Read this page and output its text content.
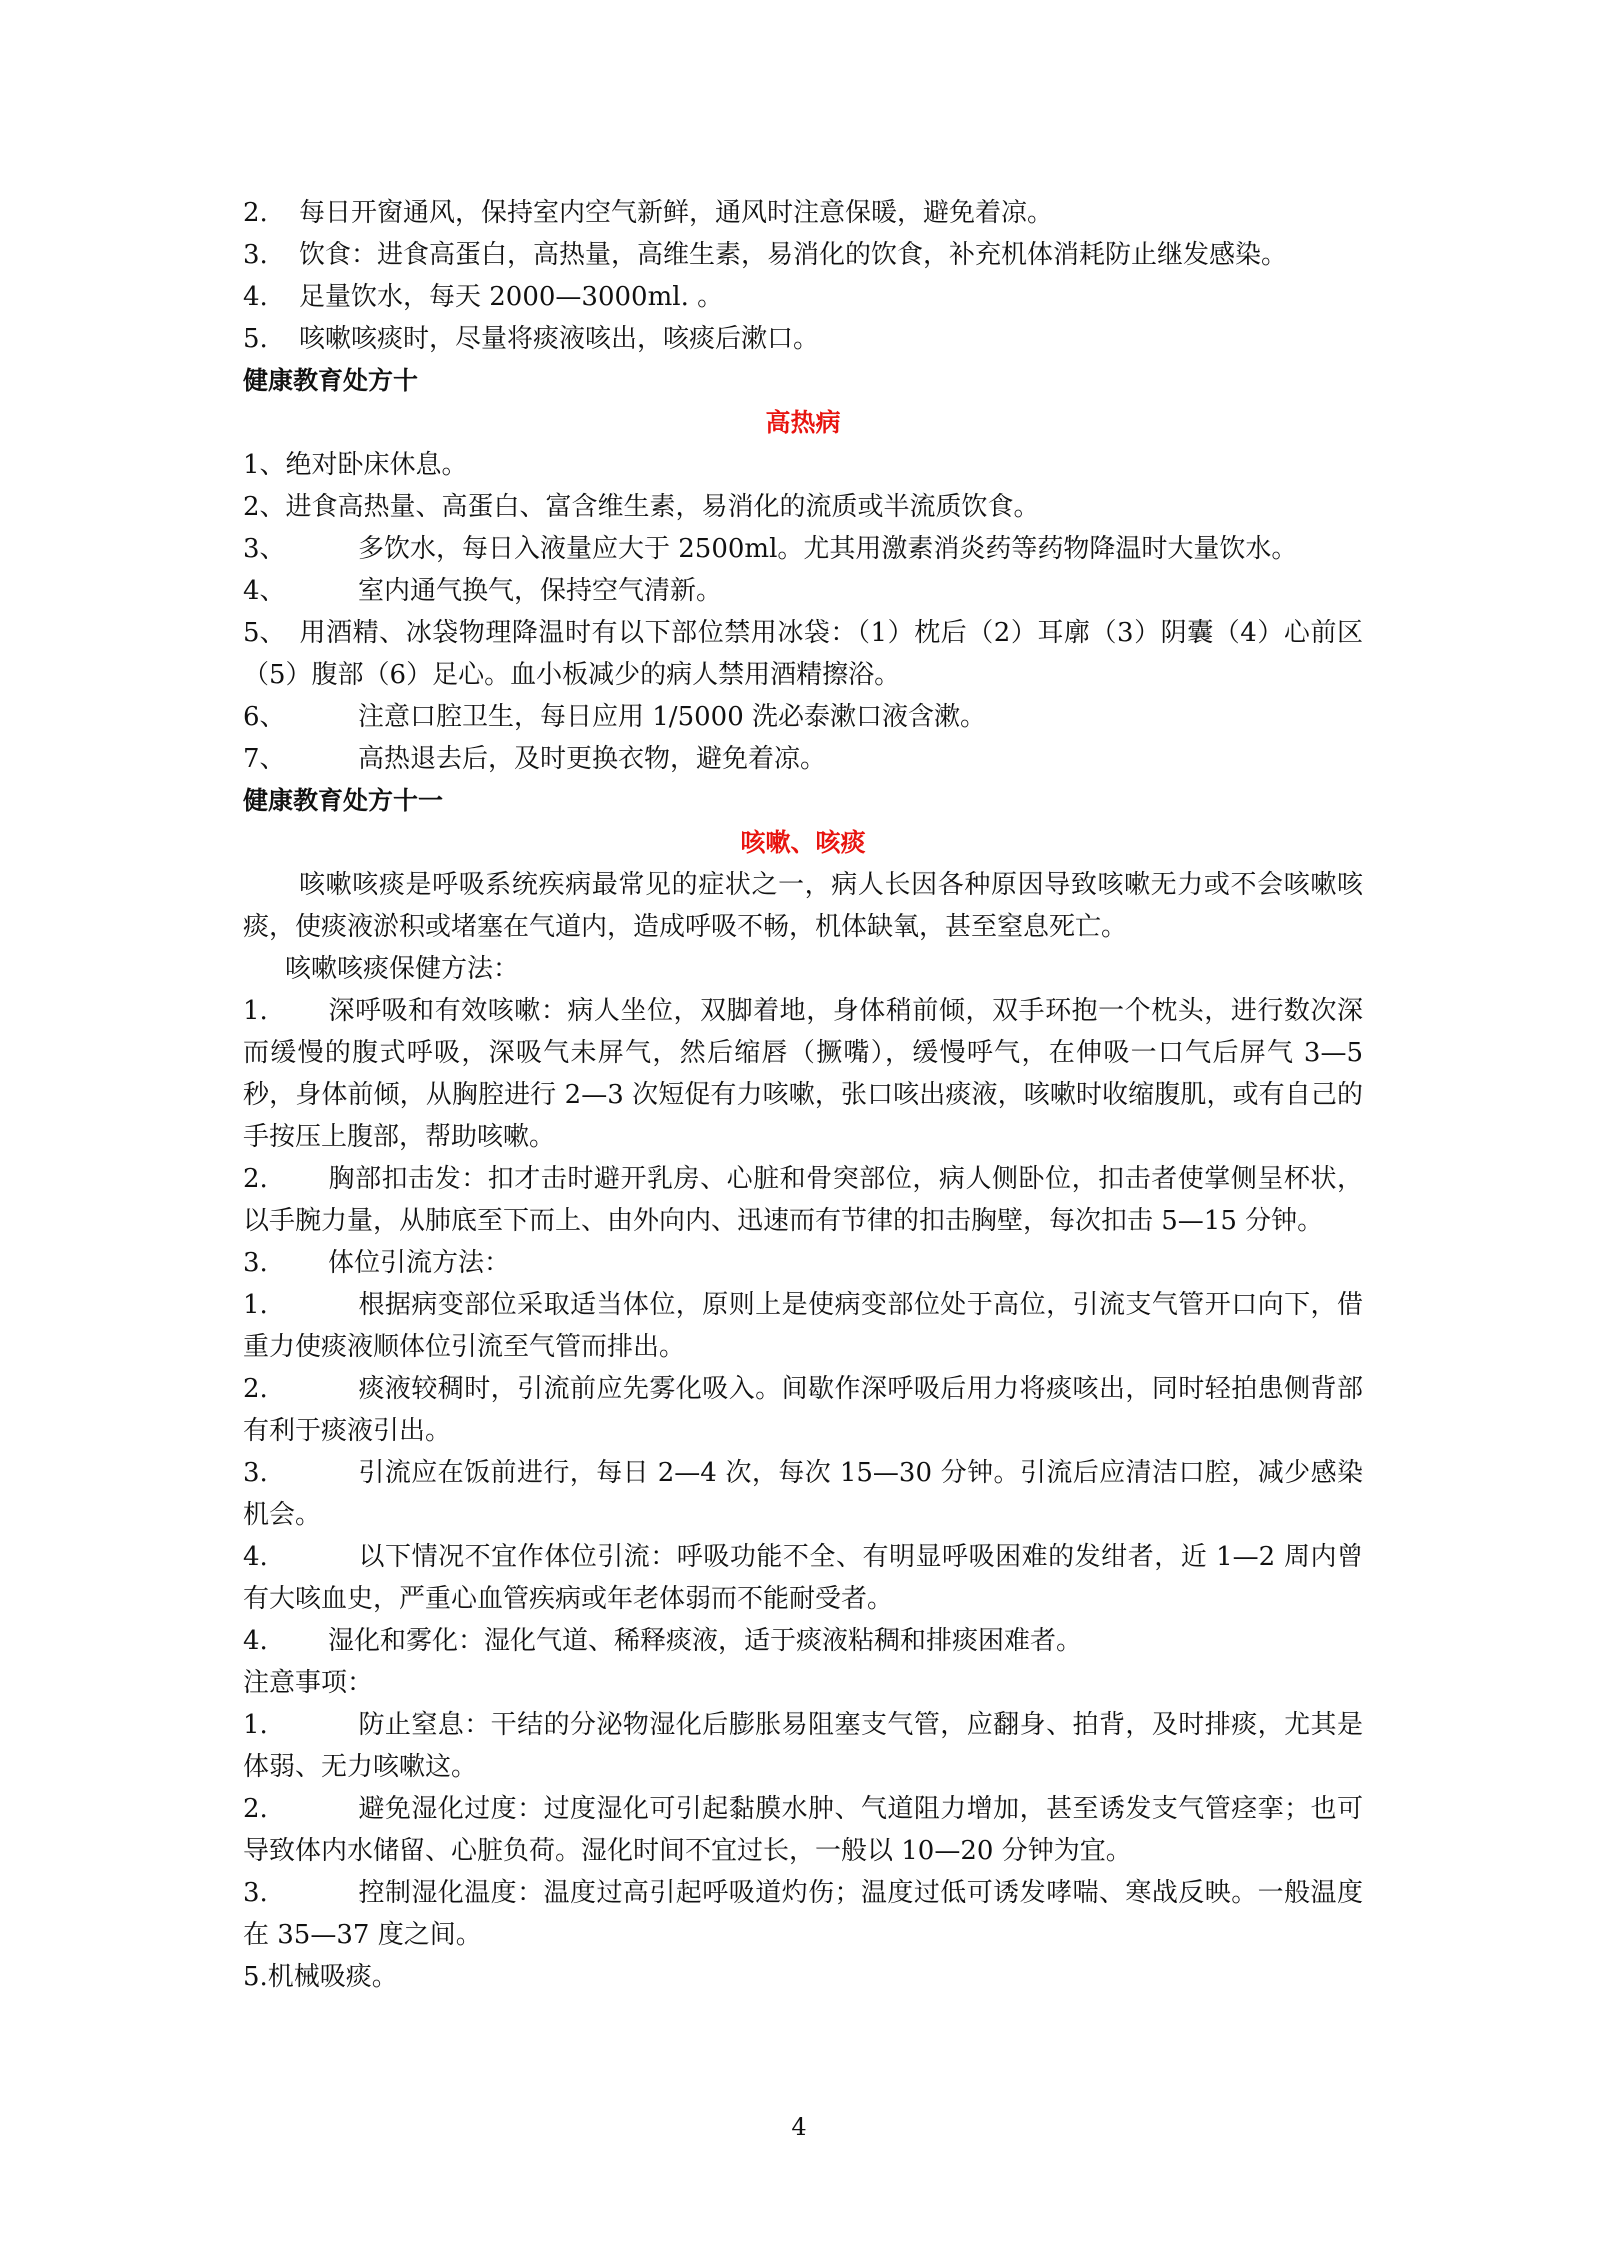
2. 每日开窗通风，保持室内空气新鲜，通风时注意保暖，避免着凉。
3. 饮食：进食高蛋白，高热量，高维生素，易消化的饮食，补充机体消耗防止继发感染。
4. 足量饮水，每天 2000—3000ml. 。
5. 咳嗽咳痰时，尽量将痰液咳出，咳痰后漱口。
健康教育处方十
高热病
1、绝对卧床休息。
2、进食高热量、高蛋白、富含维生素，易消化的流质或半流质饮食。
3、	多饮水，每日入液量应大于 2500ml。尤其用激素消炎药等药物降温时大量饮水。
4、	室内通气换气，保持空气清新。
5、 用酒精、冰袋物理降温时有以下部位禁用冰袋：（1）枕后（2）耳廓（3）阴囊（4）心前区（5）腹部（6）足心。血小板减少的病人禁用酒精擦浴。
6、	注意口腔卫生，每日应用 1/5000 洗必泰漱口液含漱。
7、	高热退去后，及时更换衣物，避免着凉。
健康教育处方十一
咳嗽、咳痰
咳嗽咳痰是呼吸系统疾病最常见的症状之一，病人长因各种原因导致咳嗽无力或不会咳嗽咳痰，使痰液淤积或堵塞在气道内，造成呼吸不畅，机体缺氧，甚至窒息死亡。
咳嗽咳痰保健方法：
1. 深呼吸和有效咳嗽：病人坐位，双脚着地，身体稍前倾，双手环抱一个枕头，进行数次深而缓慢的腹式呼吸，深吸气未屏气，然后缩唇（撅嘴），缓慢呼气，在伸吸一口气后屏气 3—5 秒，身体前倾，从胸腔进行 2—3 次短促有力咳嗽，张口咳出痰液，咳嗽时收缩腹肌，或有自己的手按压上腹部，帮助咳嗽。
2. 胸部扣击发：扣才击时避开乳房、心脏和骨突部位，病人侧卧位，扣击者使掌侧呈杯状，以手腕力量，从肺底至下而上、由外向内、迅速而有节律的扣击胸壁，每次扣击 5—15 分钟。
3. 体位引流方法：
1.	根据病变部位采取适当体位，原则上是使病变部位处于高位，引流支气管开口向下，借重力使痰液顺体位引流至气管而排出。
2.	痰液较稠时，引流前应先雾化吸入。间歇作深呼吸后用力将痰咳出，同时轻拍患侧背部有利于痰液引出。
3.	引流应在饭前进行，每日 2—4 次，每次 15—30 分钟。引流后应清洁口腔，减少感染机会。
4.	以下情况不宜作体位引流：呼吸功能不全、有明显呼吸困难的发绀者，近 1—2 周内曾有大咳血史，严重心血管疾病或年老体弱而不能耐受者。
4. 湿化和雾化：湿化气道、稀释痰液，适于痰液粘稠和排痰困难者。
注意事项：
1.	防止窒息：干结的分泌物湿化后膨胀易阻塞支气管，应翻身、拍背，及时排痰，尤其是体弱、无力咳嗽这。
2.	避免湿化过度：过度湿化可引起黏膜水肿、气道阻力增加，甚至诱发支气管痉挛；也可导致体内水储留、心脏负荷。湿化时间不宜过长，一般以 10—20 分钟为宜。
3.	控制湿化温度：温度过高引起呼吸道灼伤；温度过低可诱发哮喘、寒战反映。一般温度在 35—37 度之间。
5.机械吸痰。
4
